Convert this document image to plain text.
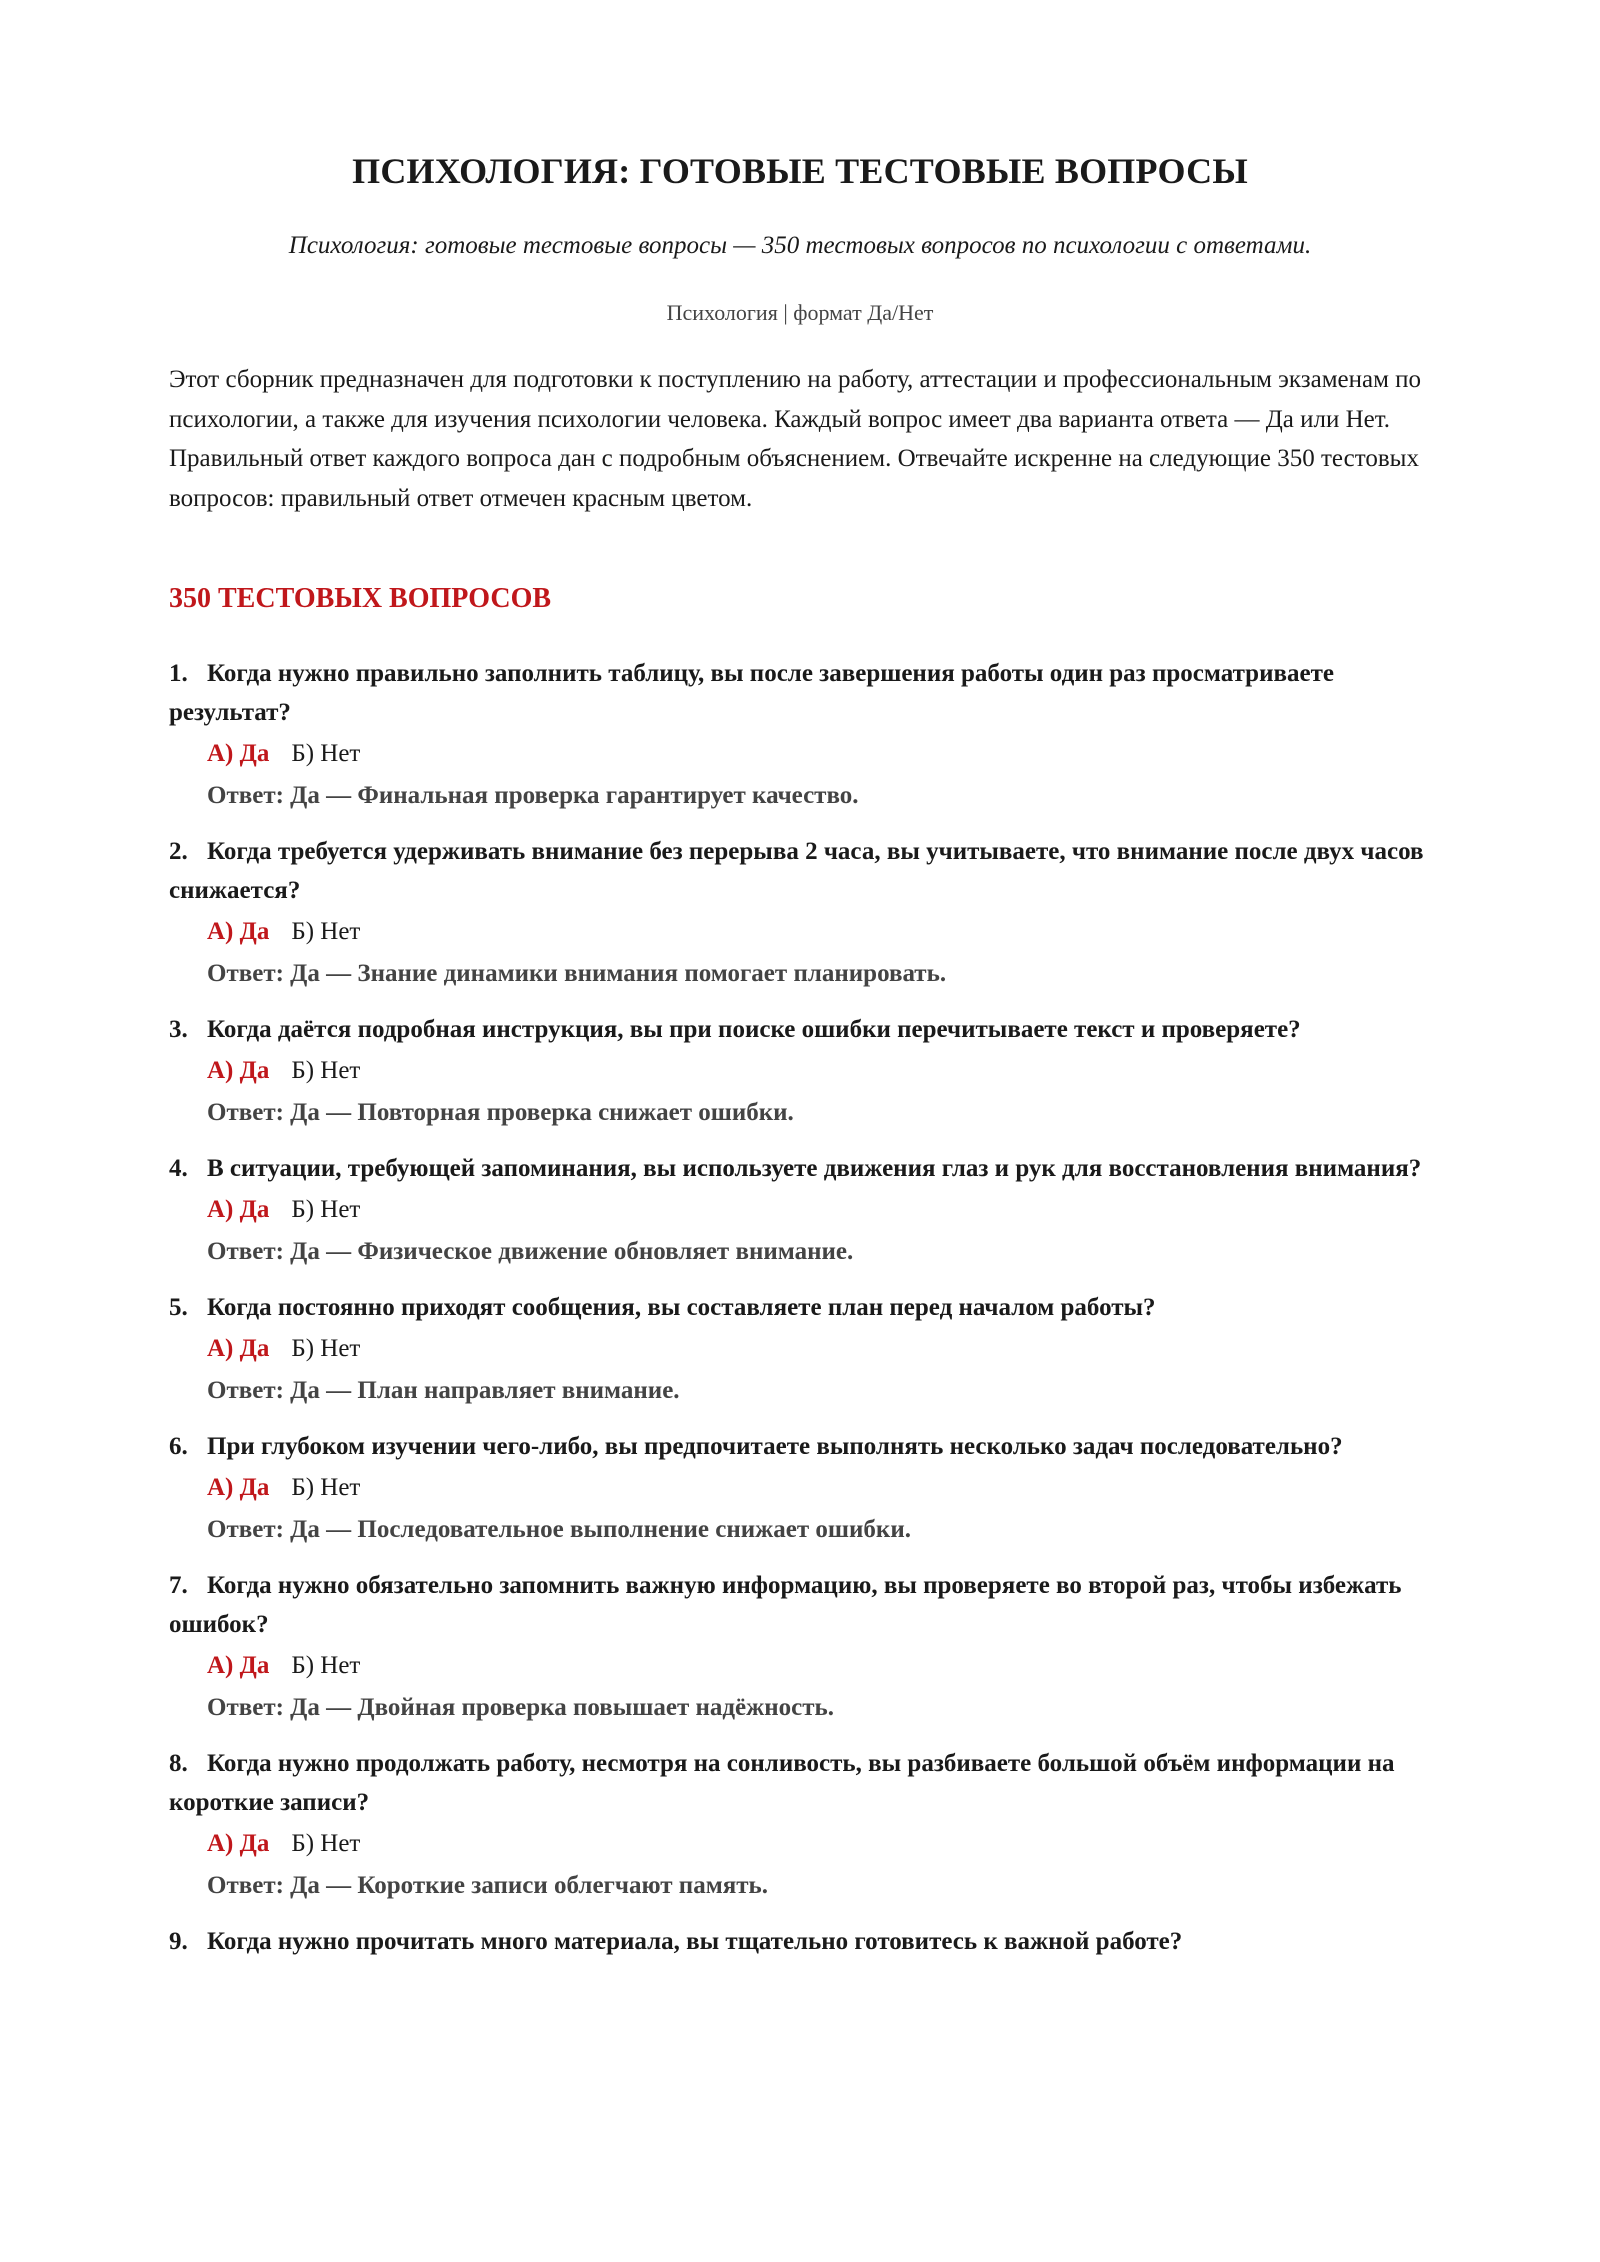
ПСИХОЛОГИЯ: ГОТОВЫЕ ТЕСТОВЫЕ ВОПРОСЫ

Психология: готовые тестовые вопросы — 350 тестовых вопросов по психологии с ответами.

Психология | формат Да/Нет

Этот сборник предназначен для подготовки к поступлению на работу, аттестации и профессиональным экзаменам по психологии, а также для изучения психологии человека. Каждый вопрос имеет два варианта ответа — Да или Нет. Правильный ответ каждого вопроса дан с подробным объяснением. Отвечайте искренне на следующие 350 тестовых вопросов: правильный ответ отмечен красным цветом.

350 ТЕСТОВЫХ ВОПРОСОВ

1. Когда нужно правильно заполнить таблицу, вы после завершения работы один раз просматриваете результат?

А) Да Б) Нет
Ответ: Да — Финальная проверка гарантирует качество.

2. Когда требуется удерживать внимание без перерыва 2 часа, вы учитываете, что внимание после двух часов снижается?

А) Да Б) Нет
Ответ: Да — Знание динамики внимания помогает планировать.

3. Когда даётся подробная инструкция, вы при поиске ошибки перечитываете текст и проверяете?

А) Да Б) Нет
Ответ: Да — Повторная проверка снижает ошибки.

4. В ситуации, требующей запоминания, вы используете движения глаз и рук для восстановления внимания?

А) Да Б) Нет
Ответ: Да — Физическое движение обновляет внимание.

5. Когда постоянно приходят сообщения, вы составляете план перед началом работы?

А) Да Б) Нет
Ответ: Да — План направляет внимание.

6. При глубоком изучении чего-либо, вы предпочитаете выполнять несколько задач последовательно?

А) Да Б) Нет
Ответ: Да — Последовательное выполнение снижает ошибки.

7. Когда нужно обязательно запомнить важную информацию, вы проверяете во второй раз, чтобы избежать ошибок?

А) Да Б) Нет
Ответ: Да — Двойная проверка повышает надёжность.

8. Когда нужно продолжать работу, несмотря на сонливость, вы разбиваете большой объём информации на короткие записи?

А) Да Б) Нет
Ответ: Да — Короткие записи облегчают память.

9. Когда нужно прочитать много материала, вы тщательно готовитесь к важной работе?
